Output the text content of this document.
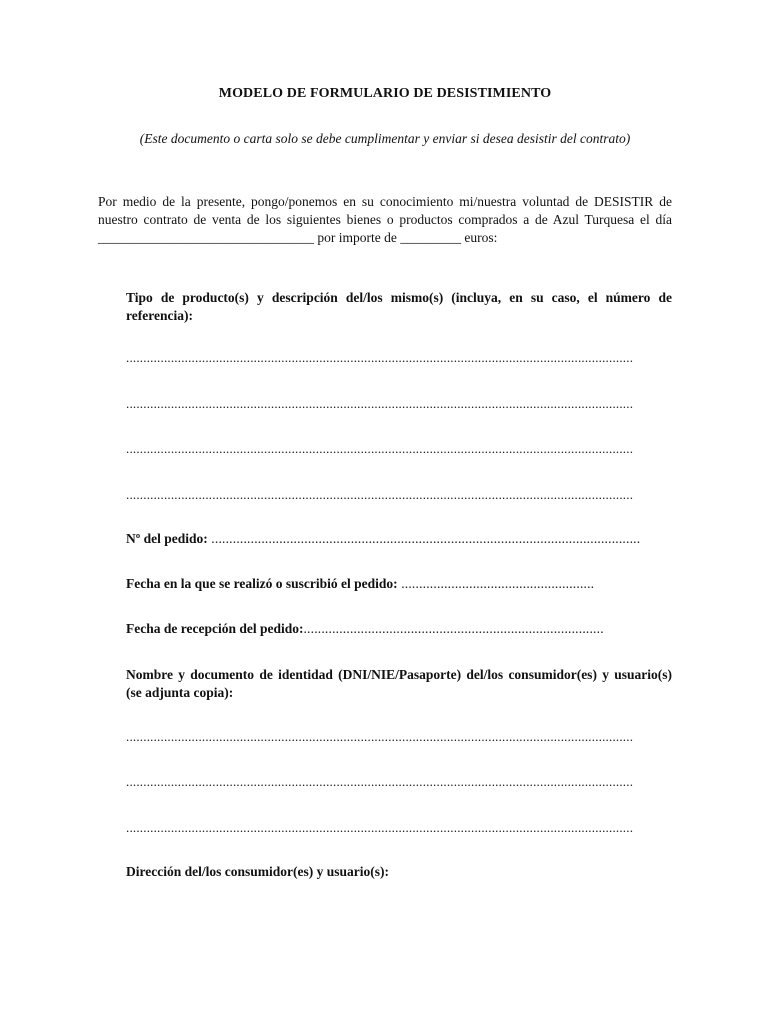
MODELO DE FORMULARIO DE DESISTIMIENTO
(Este documento o carta solo se debe cumplimentar y enviar si desea desistir del contrato)
Por medio de la presente, pongo/ponemos en su conocimiento mi/nuestra voluntad de DESISTIR de nuestro contrato de venta de los siguientes bienes o productos comprados a de Azul Turquesa el día ________________________________ por importe de _________ euros:
Tipo de producto(s) y descripción del/los mismo(s) (incluya, en su caso, el número de referencia):
...................................................................................................................................................
...................................................................................................................................................
...................................................................................................................................................
...................................................................................................................................................
Nº del pedido: ........................................................................................................................
Fecha en la que se realizó o suscribió el pedido: ......................................................
Fecha de recepción del pedido:....................................................................................
Nombre y documento de identidad (DNI/NIE/Pasaporte) del/los consumidor(es) y usuario(s) (se adjunta copia):
...................................................................................................................................................
...................................................................................................................................................
...................................................................................................................................................
Dirección del/los consumidor(es) y usuario(s):
